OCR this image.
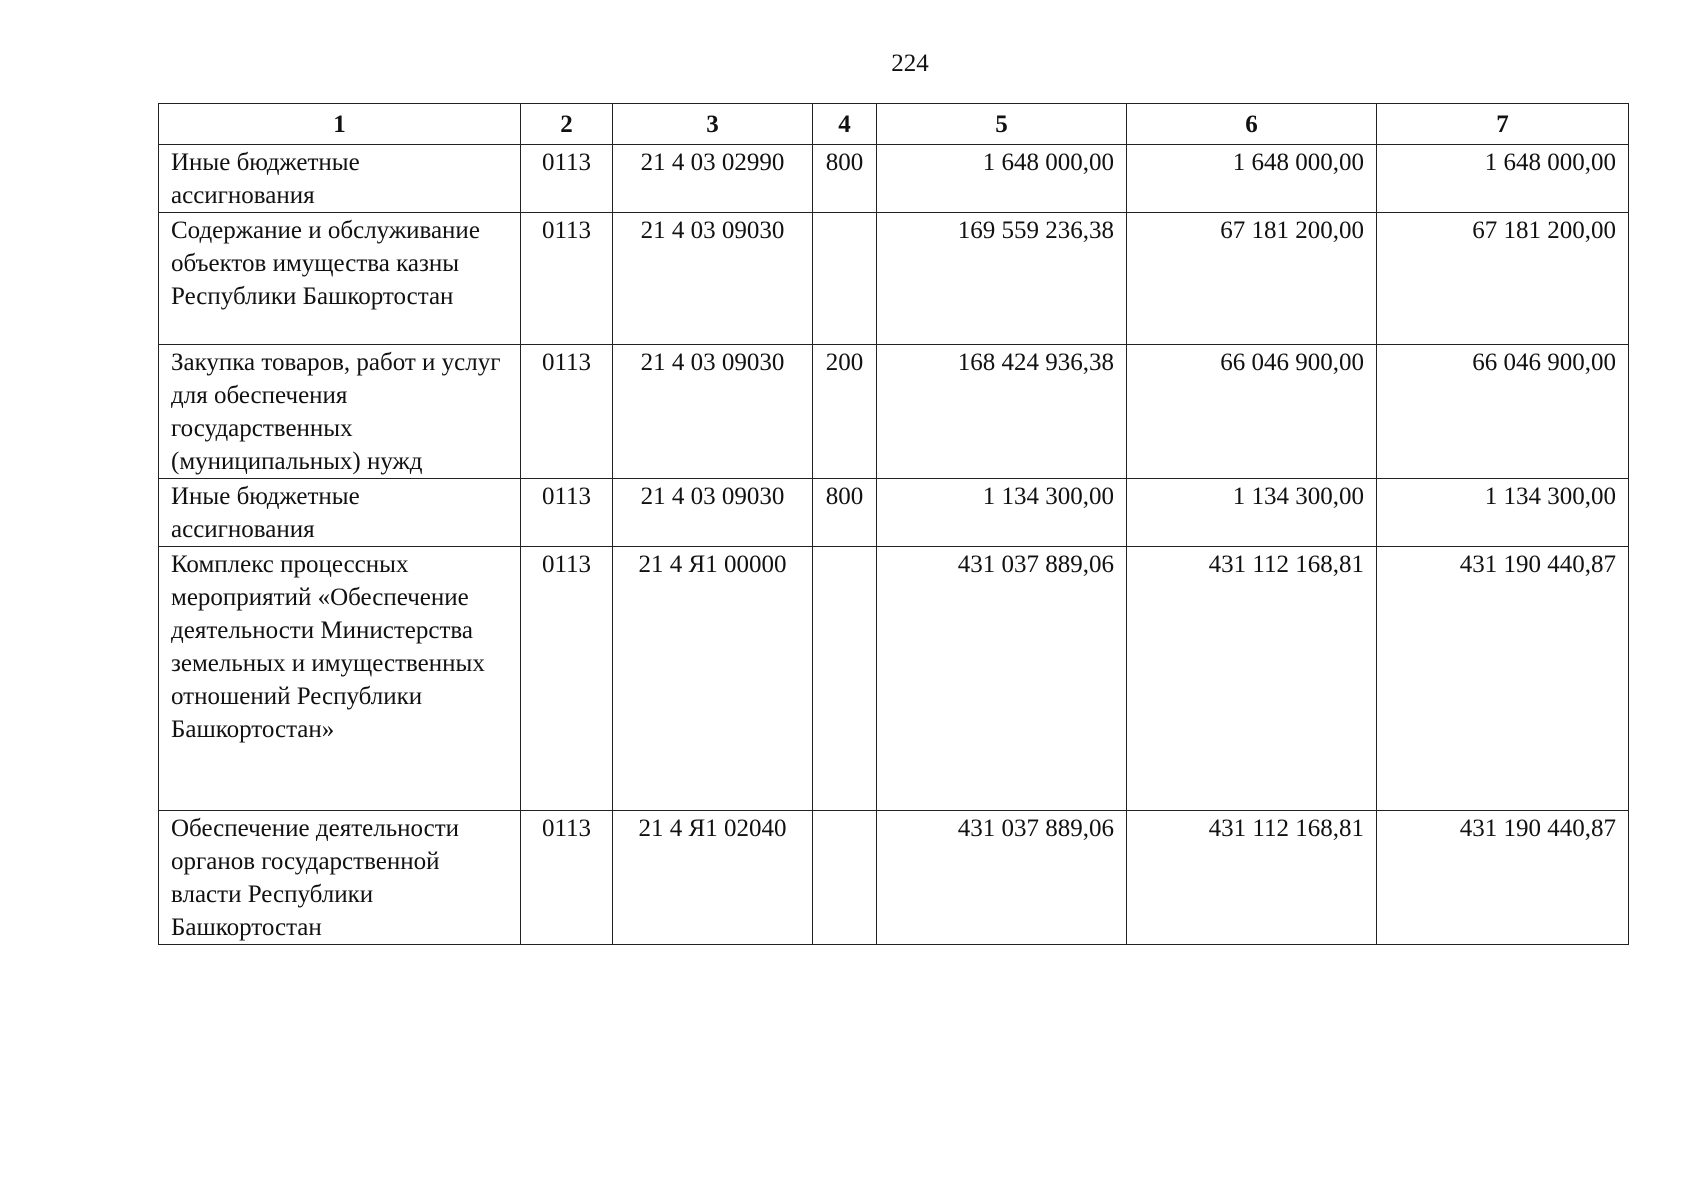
224
1	2	3	4	5	6	7
Иные бюджетные ассигнования	0113	21 4 03 02990	800	1 648 000,00	1 648 000,00	1 648 000,00
Содержание и обслуживание объектов имущества казны Республики Башкортостан	0113	21 4 03 09030		169 559 236,38	67 181 200,00	67 181 200,00
Закупка товаров, работ и услуг для обеспечения государственных (муниципальных) нужд	0113	21 4 03 09030	200	168 424 936,38	66 046 900,00	66 046 900,00
Иные бюджетные ассигнования	0113	21 4 03 09030	800	1 134 300,00	1 134 300,00	1 134 300,00
Комплекс процессных мероприятий «Обеспечение деятельности Министерства земельных и имущественных отношений Республики Башкортостан»	0113	21 4 Я1 00000		431 037 889,06	431 112 168,81	431 190 440,87
Обеспечение деятельности органов государственной власти Республики Башкортостан	0113	21 4 Я1 02040		431 037 889,06	431 112 168,81	431 190 440,87
